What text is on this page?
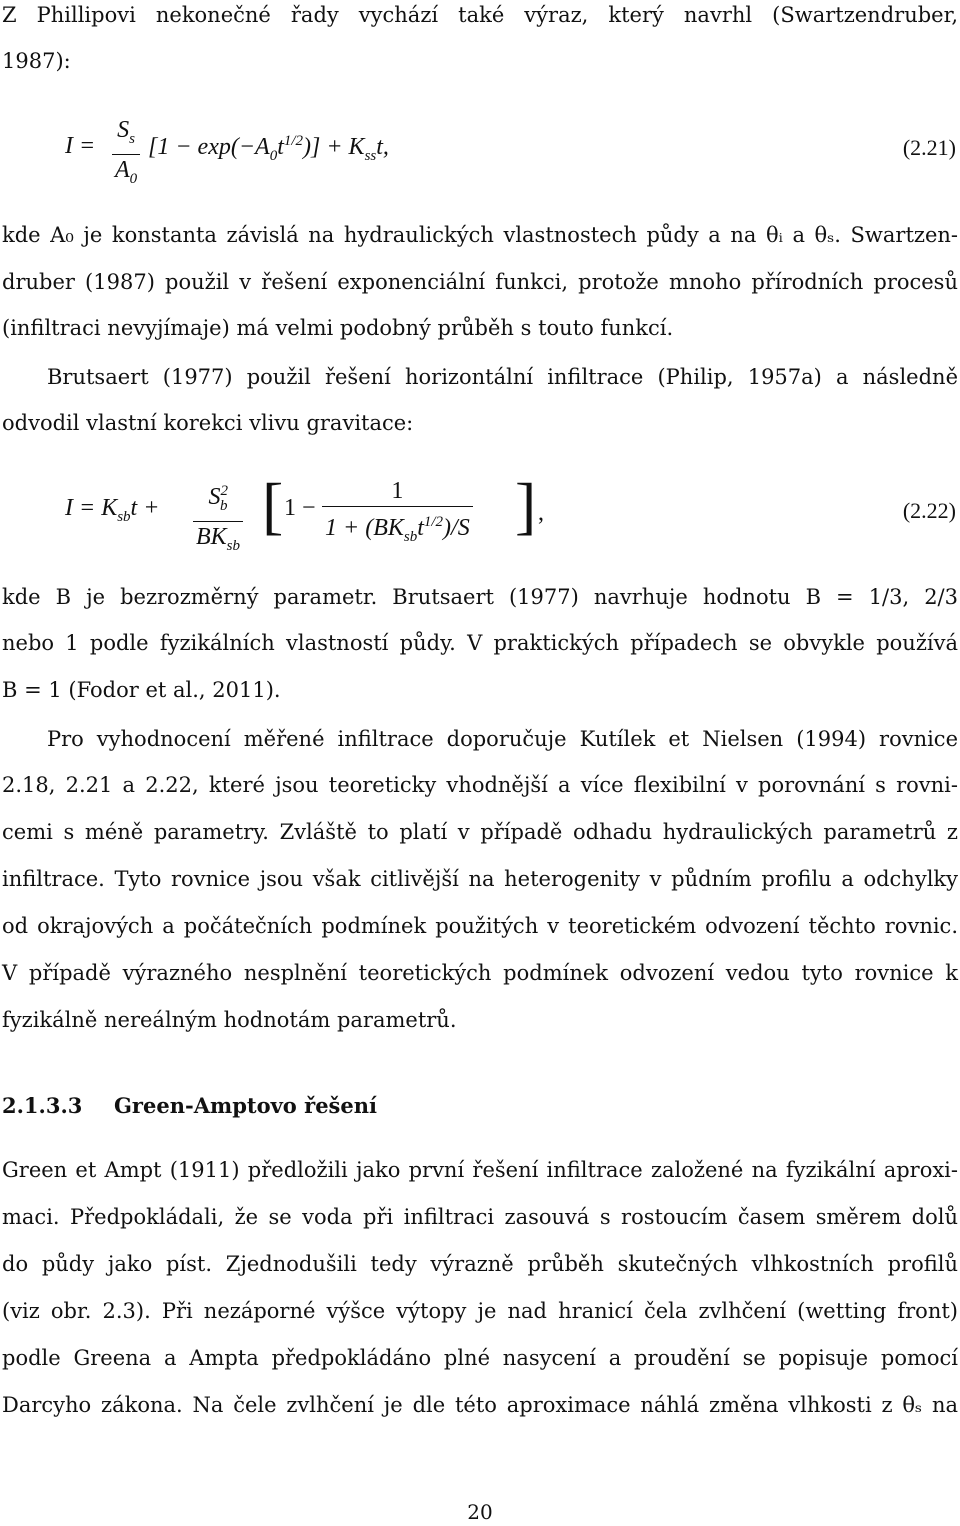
Z Phillipovi nekonečné řady vychází také výraz, který navrhl (Swartzendruber,
1987):
$I = \frac{S_s}{A_0} [1 - \exp(-A_0t^{1/2})] + K_{ss}t$,	(2.21)
kde A₀ je konstanta závislá na hydraulických vlastnostech půdy a na θᵢ a θₛ. Swartzen-
druber (1987) použil v řešení exponenciální funkci, protože mnoho přírodních procesů
(infiltraci nevyjímaje) má velmi podobný průběh s touto funkcí.
Brutsaert (1977) použil řešení horizontální infiltrace (Philip, 1957a) a následně
odvodil vlastní korekci vlivu gravitace:
$I = K_{sb}t$ +	$S^2_b$
$BK_{sb}$
[ 1 −
1
$1 + (BK_{sb}t^{1/2})/S$ ] ,	(2.22)
kde B je bezrozměrný parametr. Brutsaert (1977) navrhuje hodnotu B = 1/3, 2/3
nebo 1 podle fyzikálních vlastností půdy. V praktických případech se obvykle používá
B = 1 (Fodor et al., 2011).
Pro vyhodnocení měřené infiltrace doporučuje Kutílek et Nielsen (1994) rovnice
2.18, 2.21 a 2.22, které jsou teoreticky vhodnější a více flexibilní v porovnání s rovni-
cemi s méně parametry. Zvláště to platí v případě odhadu hydraulických parametrů z
infiltrace. Tyto rovnice jsou však citlivější na heterogenity v půdním profilu a odchylky
od okrajových a počátečních podmínek použitých v teoretickém odvození těchto rovnic.
V případě výrazného nesplnění teoretických podmínek odvození vedou tyto rovnice k
fyzikálně nereálným hodnotám parametrů.
2.1.3.3 Green-Amptovo řešení
Green et Ampt (1911) předložili jako první řešení infiltrace založené na fyzikální aproxi-
maci. Předpokládali, že se voda při infiltraci zasouvá s rostoucím časem směrem dolů
do půdy jako píst. Zjednodušili tedy výrazně průběh skutečných vlhkostních profilů
(viz obr. 2.3). Při nezáporné výšce výtopy je nad hranicí čela zvlhčení (wetting front)
podle Greena a Ampta předpokládáno plné nasycení a proudění se popisuje pomocí
Darcyho zákona. Na čele zvlhčení je dle této aproximace náhlá změna vlhkosti z θₛ na
20
